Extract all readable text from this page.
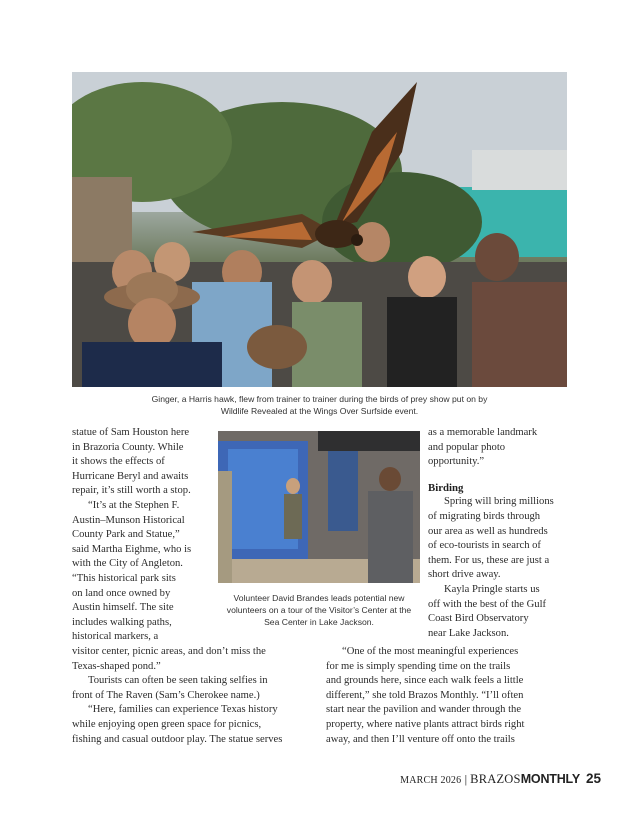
Ginger, a Harris hawk, flew from trainer to trainer during the birds of prey show put on by
Wildlife Revealed at the Wings Over Surfside event.

statue of Sam Houston here
in Brazoria County. While
it shows the effects of
Hurricane Beryl and awaits
repair, it’s still worth a stop.

“It’s at the Stephen F.
Austin–Munson Historical
County Park and Statue,”
said Martha Eighme, who is
with the City of Angleton.
“This historical park sits
on land once owned by
Austin himself. The site
includes walking paths,
historical markers, a

Volunteer David Brandes leads potential new
volunteers on a tour of the Visitor’s Center at the
Sea Center in Lake Jackson.

visitor center, picnic areas, and don’t miss the
Texas-shaped pond.”

Tourists can often be seen taking selfies in
front of The Raven (Sam’s Cherokee name.)

“Here, families can experience Texas history
while enjoying open green space for picnics,
fishing and casual outdoor play. The statue serves

as a memorable landmark
and popular photo
opportunity.”

Birding

Spring will bring millions
of migrating birds through
our area as well as hundreds
of eco-tourists in search of
them. For us, these are just a
short drive away.

Kayla Pringle starts us
off with the best of the Gulf
Coast Bird Observatory
near Lake Jackson.

“One of the most meaningful experiences
for me is simply spending time on the trails
and grounds here, since each walk feels a little
different,” she told Brazos Monthly. “I’ll often
start near the pavilion and wander through the
property, where native plants attract birds right
away, and then I’ll venture off onto the trails

MARCH 2026 | BRAZOSMONTHLY 25
